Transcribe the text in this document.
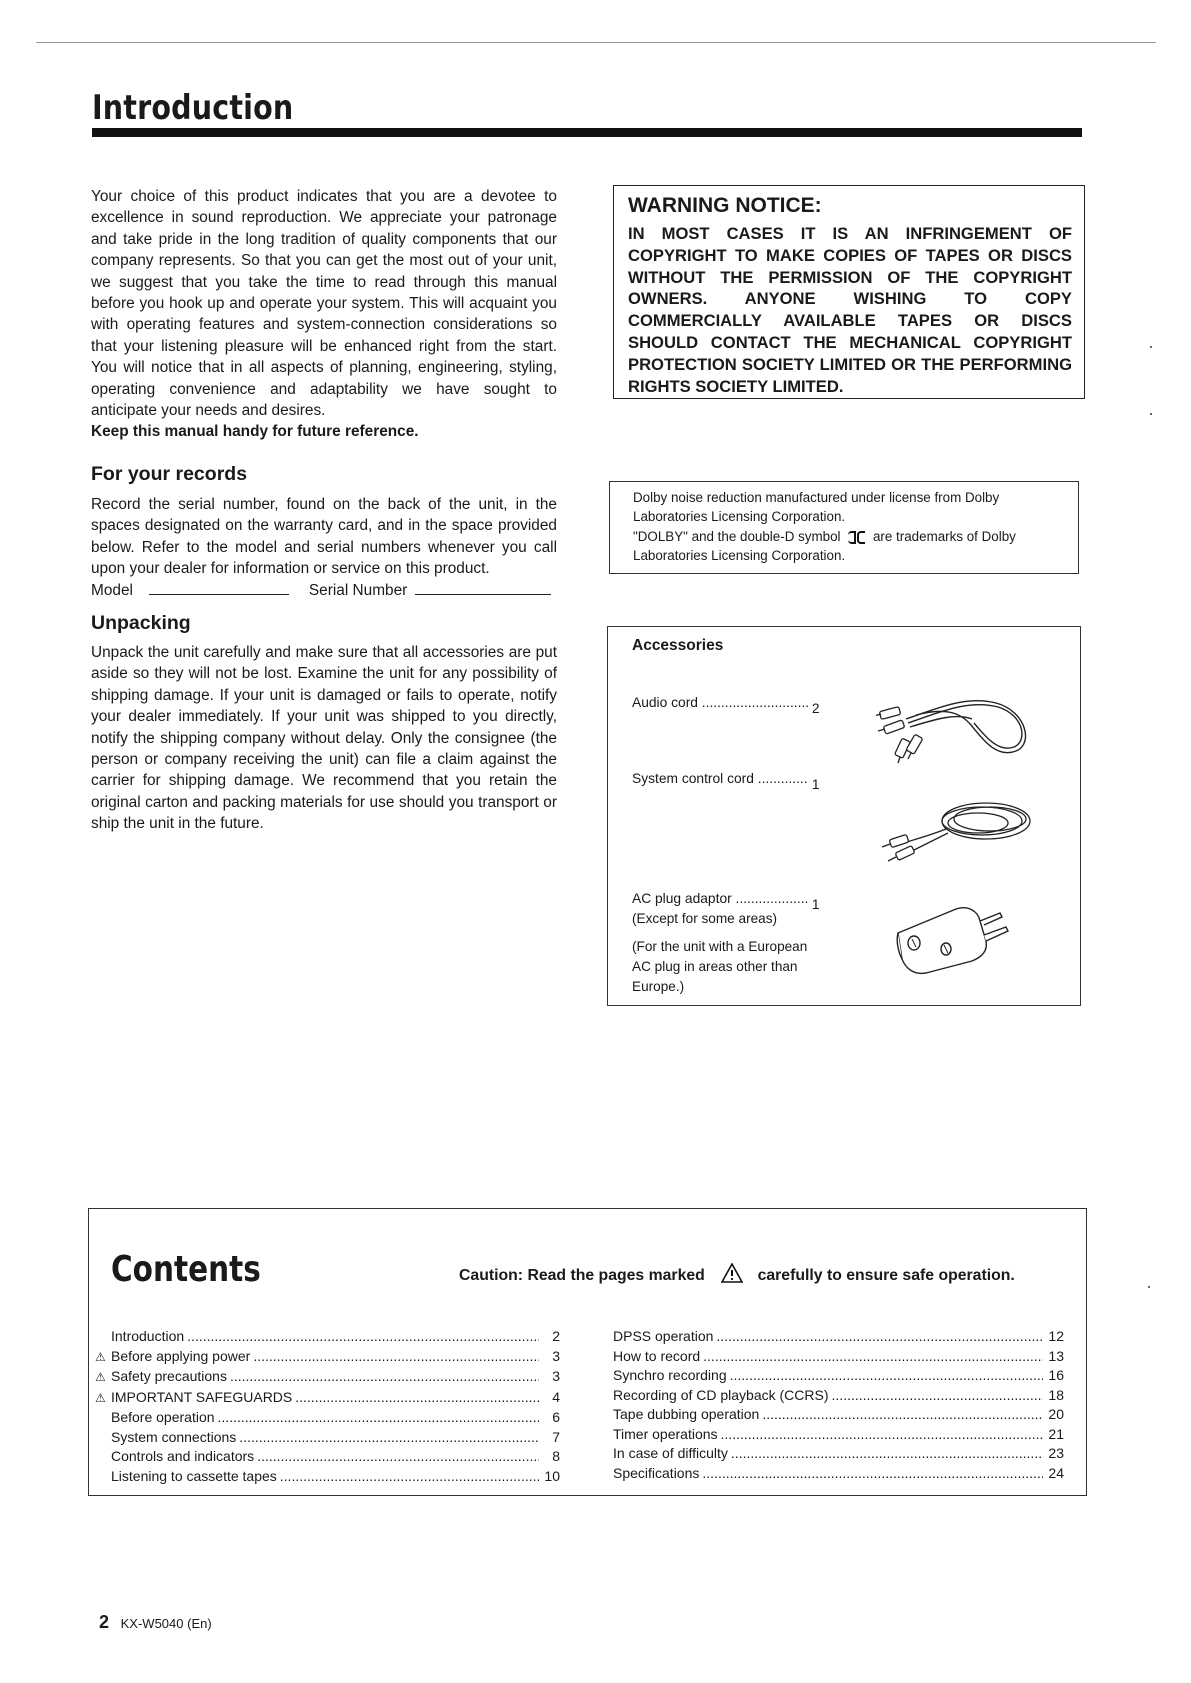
Introduction

Your choice of this product indicates that you are a devotee to excellence in sound reproduction. We appreciate your patronage and take pride in the long tradition of quality components that our company represents. So that you can get the most out of your unit, we suggest that you take the time to read through this manual before you hook up and operate your system. This will acquaint you with operating features and system-connection considerations so that your listening pleasure will be enhanced right from the start. You will notice that in all aspects of planning, engineering, styling, operating convenience and adaptability we have sought to anticipate your needs and desires.

Keep this manual handy for future reference.

For your records

Record the serial number, found on the back of the unit, in the spaces designated on the warranty card, and in the space provided below. Refer to the model and serial numbers whenever you call upon your dealer for information or service on this product.

Model	Serial Number
Unpacking

Unpack the unit carefully and make sure that all accessories are put aside so they will not be lost. Examine the unit for any possibility of shipping damage. If your unit is damaged or fails to operate, notify your dealer immediately. If your unit was shipped to you directly, notify the shipping company without delay. Only the consignee (the person or company receiving the unit) can file a claim against the carrier for shipping damage. We recommend that you retain the original carton and packing materials for use should you transport or ship the unit in the future.

WARNING NOTICE:
IN MOST CASES IT IS AN INFRINGEMENT OF COPYRIGHT TO MAKE COPIES OF TAPES OR DISCS WITHOUT THE PERMISSION OF THE COPYRIGHT OWNERS. ANYONE WISHING TO COPY COMMERCIALLY AVAILABLE TAPES OR DISCS SHOULD CONTACT THE MECHANICAL COPYRIGHT PROTECTION SOCIETY LIMITED OR THE PERFORMING RIGHTS SOCIETY LIMITED.
Dolby noise reduction manufactured under license from Dolby Laboratories Licensing Corporation.
"DOLBY" and the double-D symbol are trademarks of Dolby Laboratories Licensing Corporation.
Accessories
Audio cord .....	2
System control cord .....	1
AC plug adaptor .....	1
(Except for some areas)
(For the unit with a European AC plug in areas other than Europe.)
Contents	Caution: Read the pages marked	carefully to ensure safe operation.
Introduction .....	2
⚠ Before applying power .....	3
⚠ Safety precautions .....	3
⚠ IMPORTANT SAFEGUARDS .....	4
Before operation .....	6
System connections .....	7
Controls and indicators .....	8
Listening to cassette tapes .....	10
DPSS operation .....	12
How to record .....	13
Synchro recording .....	16
Recording of CD playback (CCRS) .....	18
Tape dubbing operation .....	20
Timer operations .....	21
In case of difficulty .....	23
Specifications .....	24
2 KX-W5040 (En)
